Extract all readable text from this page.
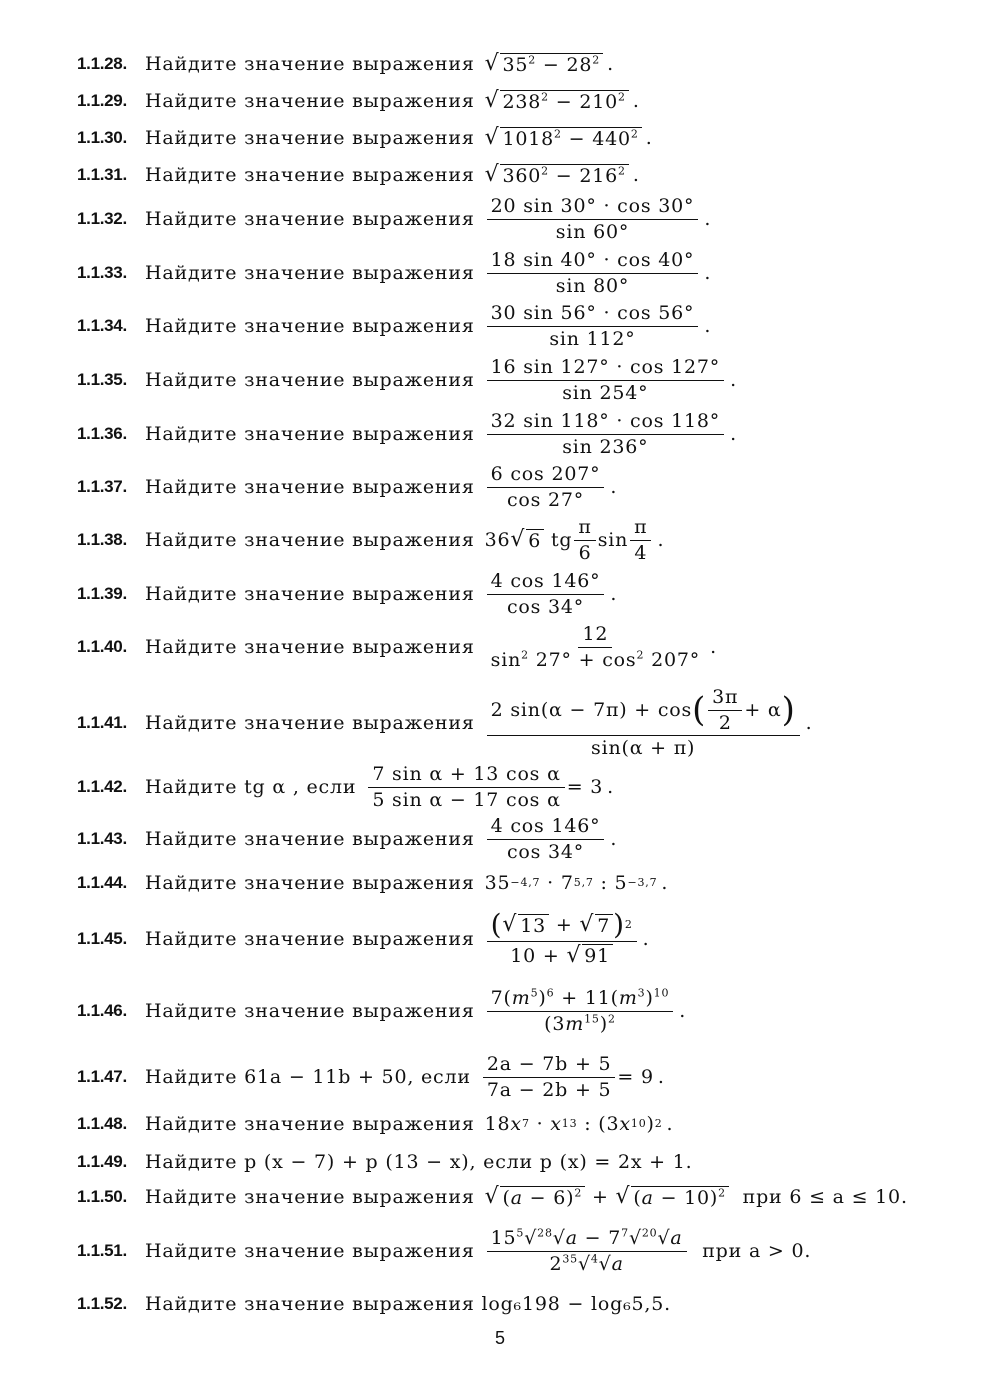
1.1.28. Найдите значение выражения √ $35^2 - 28^2$ .
1.1.29. Найдите значение выражения √ $238^2 - 210^2$ .
1.1.30. Найдите значение выражения √ $1018^2 - 440^2$ .
1.1.31. Найдите значение выражения √ $360^2 - 216^2$ .
1.1.32. Найдите значение выражения $\frac{20 \sin 30^\circ \cdot \cos 30^\circ}{\sin 60^\circ}$ .
1.1.33. Найдите значение выражения $\frac{18 \sin 40^\circ \cdot \cos 40^\circ}{\sin 80^\circ}$ .
1.1.34. Найдите значение выражения $\frac{30 \sin 56^\circ \cdot \cos 56^\circ}{\sin 112^\circ}$ .
1.1.35. Найдите значение выражения $\frac{16 \sin 127^\circ \cdot \cos 127^\circ}{\sin 254^\circ}$ .
1.1.36. Найдите значение выражения $\frac{32 \sin 118^\circ \cdot \cos 118^\circ}{\sin 236^\circ}$ .
1.1.37. Найдите значение выражения $\frac{6 \cos 207^\circ}{\cos 27^\circ}$ .
1.1.38. Найдите значение выражения 36 √ 6 tg $\frac{\pi}{6}$ $\sin \frac{\pi}{4}$ .
1.1.39. Найдите значение выражения $\frac{4 \cos 146^\circ}{\cos 34^\circ}$ .
1.1.40. Найдите значение выражения $\frac{12}{\sin^2 27^\circ + \cos^2 207^\circ}$ .
1.1.41. Найдите значение выражения $\frac{2 \sin(\alpha - 7\pi) + \cos ( \frac{3\pi}{2} + \alpha )}{\sin(\alpha + \pi)}$ .
1.1.42. Найдите tg α , если $\frac{\text{7 sin α + 13 cos α}}{\text{5 sin α − 17 cos α}} = 3$ .
1.1.43. Найдите значение выражения $\frac{4 \cos 146^\circ}{\cos 34^\circ}$ .
1.1.44. Найдите значение выражения 35 −4,7 · 7 5,7 : 5 −3,7 .
1.1.45. Найдите значение выражения $\frac{( √ 13 + √ 7 ) 2}{10 + √ 91}$ .
1.1.46. Найдите значение выражения $\frac{7(m^5)^6 + 11(m^3)^{10}}{(3m^{15})^2}$ .
1.1.47. Найдите 61a − 11b + 50, если $\frac{2a - 7b + 5}{7a - 2b + 5} = 9$ .
1.1.48. Найдите значение выражения 18 x 7 · x 13 : (3 x 10 ) 2 .
1.1.49. Найдите p (x − 7) + p (13 − x), если p (x) = 2x + 1.
1.1.50. Найдите значение выражения √ $(a - 6)^2$ + √ $(a - 10)^2$
при 6 ≤ a ≤ 10.
1.1.51. Найдите значение выражения $\frac{15^5√^{28}√a - 7^7√^{20}√a}{2^{35}√^4√a}$
при a > 0.
1.1.52. Найдите значение выражения log₆198 − log₆5,5.
5
